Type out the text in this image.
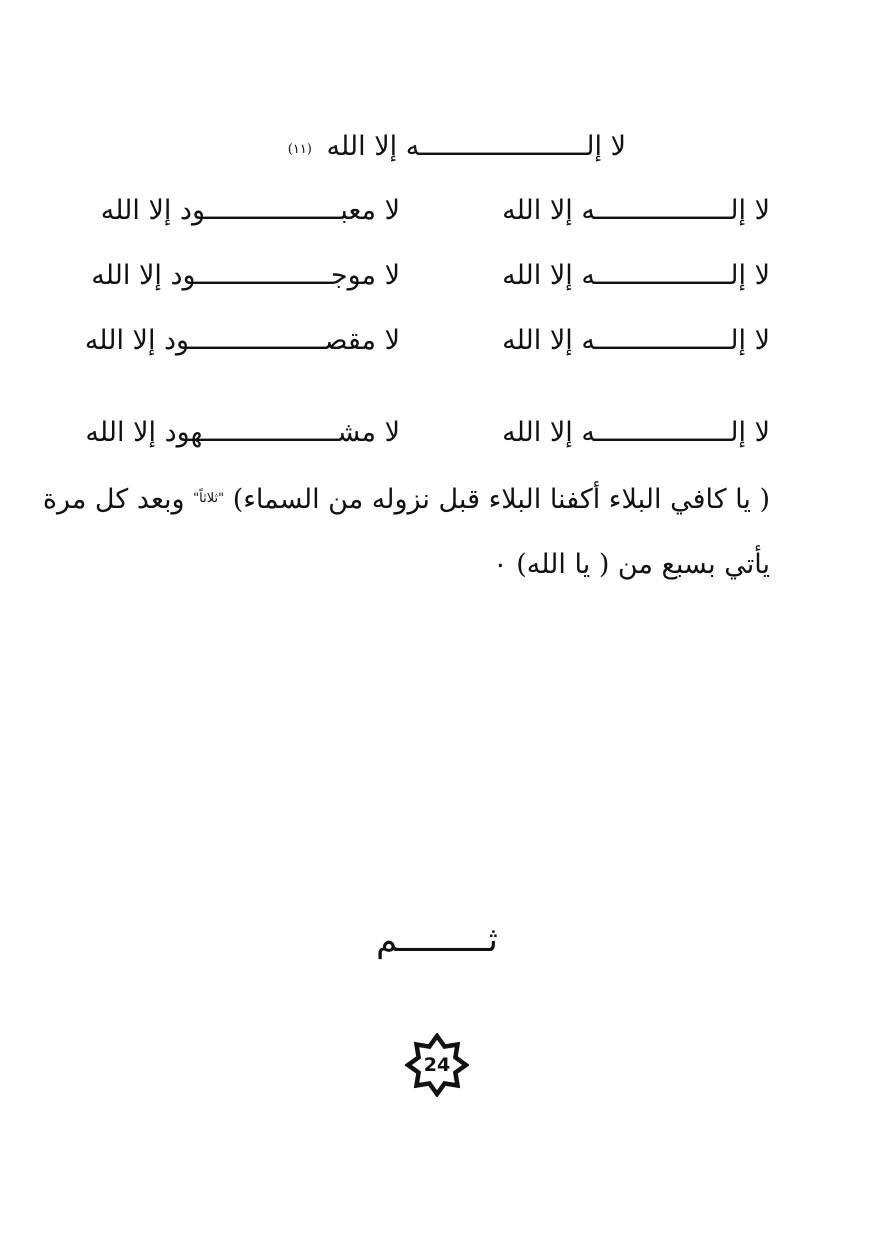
لا إلـــــــــــــــــــــه إلا الله (١١)
لا إلـــــــــــــــــه إلا الله
لا معبـــــــــــــــــود إلا الله
لا إلـــــــــــــــــه إلا الله
لا موجـــــــــــــــــود إلا الله
لا إلـــــــــــــــــه إلا الله
لا مقصـــــــــــــــــود إلا الله
لا إلـــــــــــــــــه إلا الله
لا مشـــــــــــــــــهود إلا الله
( يا كافي البلاء أكفنا البلاء قبل نزوله من السماء) $^{"ثلاثاً"}$ وبعد كل مرة
يأتي بسبع من ( يا الله) ٠
ثـــــــــم
24
